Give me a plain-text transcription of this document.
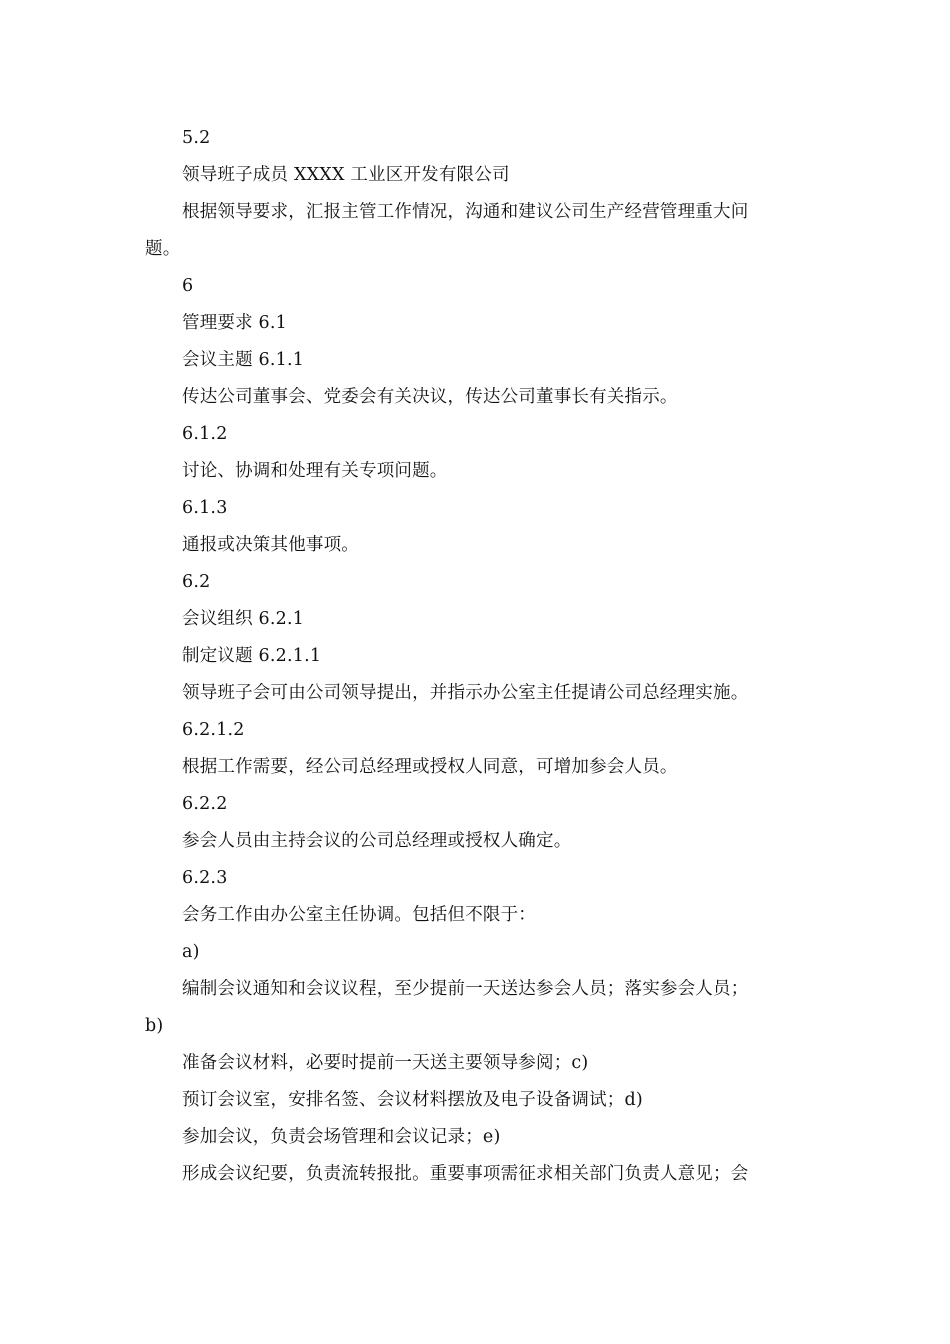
5.2
领导班子成员 XXXX 工业区开发有限公司
根据领导要求，汇报主管工作情况，沟通和建议公司生产经营管理重大问
题。
6
管理要求 6.1
会议主题 6.1.1
传达公司董事会、党委会有关决议，传达公司董事长有关指示。
6.1.2
讨论、协调和处理有关专项问题。
6.1.3
通报或决策其他事项。
6.2
会议组织 6.2.1
制定议题 6.2.1.1
领导班子会可由公司领导提出，并指示办公室主任提请公司总经理实施。
6.2.1.2
根据工作需要，经公司总经理或授权人同意，可增加参会人员。
6.2.2
参会人员由主持会议的公司总经理或授权人确定。
6.2.3
会务工作由办公室主任协调。包括但不限于：
a)
编制会议通知和会议议程，至少提前一天送达参会人员；落实参会人员；
b)
准备会议材料，必要时提前一天送主要领导参阅；c)
预订会议室，安排名签、会议材料摆放及电子设备调试；d)
参加会议，负责会场管理和会议记录；e)
形成会议纪要，负责流转报批。重要事项需征求相关部门负责人意见；会
